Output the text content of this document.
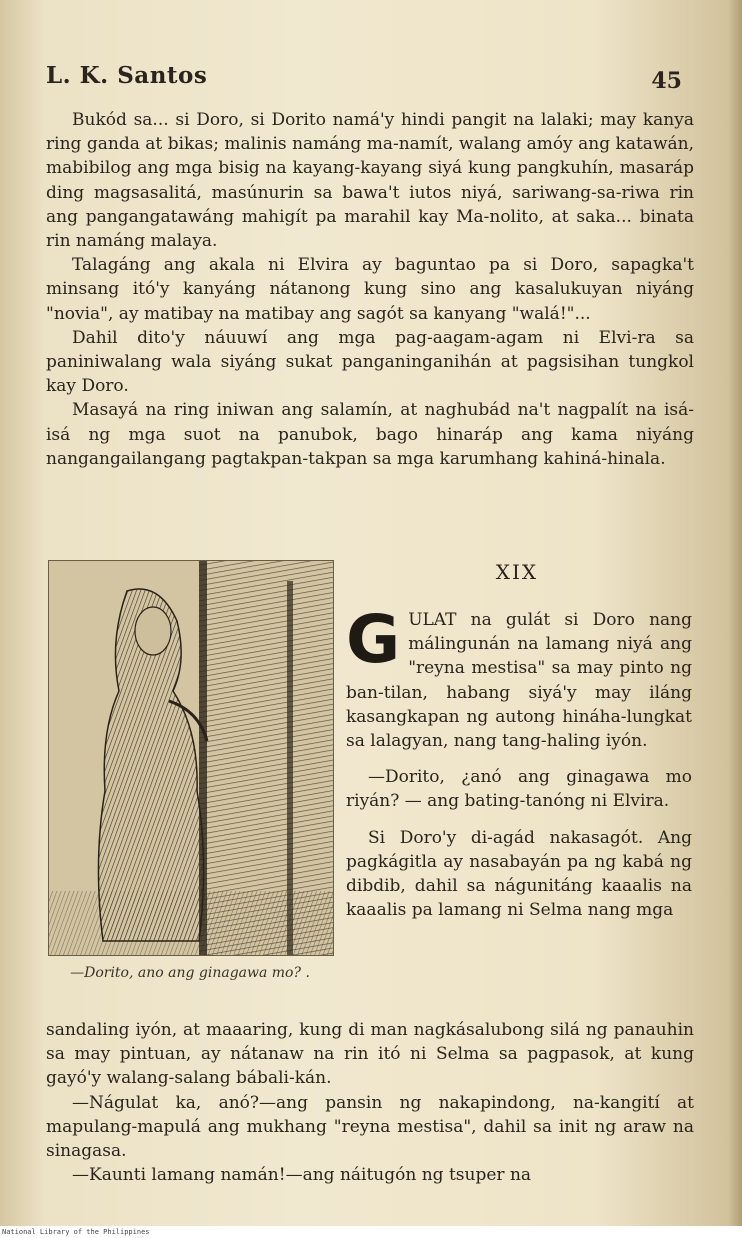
L. K. Santos	45

Bukód sa... si Doro, si Dorito namá'y hindi pangit na lalaki; may kanya ring ganda at bikas; malinis namáng ma-namít, walang amóy ang katawán, mabibilog ang mga bisig na kayang-kayang siyá kung pangkuhín, masaráp ding magsasalitá, masúnurin sa bawa't iutos niyá, sariwang-sa-riwa rin ang pangangatawáng mahigít pa marahil kay Ma-nolito, at saka... binata rin namáng malaya.

Talagáng ang akala ni Elvira ay baguntao pa si Doro, sapagka't minsang itó'y kanyáng nátanong kung sino ang kasalukuyan niyáng "novia", ay matibay na matibay ang sagót sa kanyang "walá!"...

Dahil dito'y náuuwí ang mga pag-aagam-agam ni Elvi-ra sa paniniwalang wala siyáng sukat panganinganihán at pagsisihan tungkol kay Doro.

Masayá na ring iniwan ang salamín, at naghubád na't nagpalít na isá-isá ng mga suot na panubok, bago hinaráp ang kama niyáng nangangailangang pagtakpan-takpan sa mga karumhang kahiná-hinala.

—Dorito, ano ang ginagawa mo? .
XIX

G ULAT na gulát si Doro nang málingunán na lamang niyá ang "reyna mestisa" sa may pinto ng ban-tilan, habang siyá'y may iláng kasangkapan ng autong hináha-lungkat sa lalagyan, nang tang-haling iyón.

—Dorito, ¿anó ang ginagawa mo riyán? — ang bating-tanóng ni Elvira.

Si Doro'y di-agád nakasagót. Ang pagkágitla ay nasabayán pa ng kabá ng dibdib, dahil sa nágunitáng kaaalis na kaaalis pa lamang ni Selma nang mga

sandaling iyón, at maaaring, kung di man nagkásalubong silá ng panauhin sa may pintuan, ay nátanaw na rin itó ni Selma sa pagpasok, at kung gayó'y walang-salang bábali-kán.

—Nágulat ka, anó?—ang pansin ng nakapindong, na-kangití at mapulang-mapulá ang mukhang "reyna mestisa", dahil sa init ng araw na sinagasa.

—Kaunti lamang namán!—ang náitugón ng tsuper na

National Library of the Philippines
